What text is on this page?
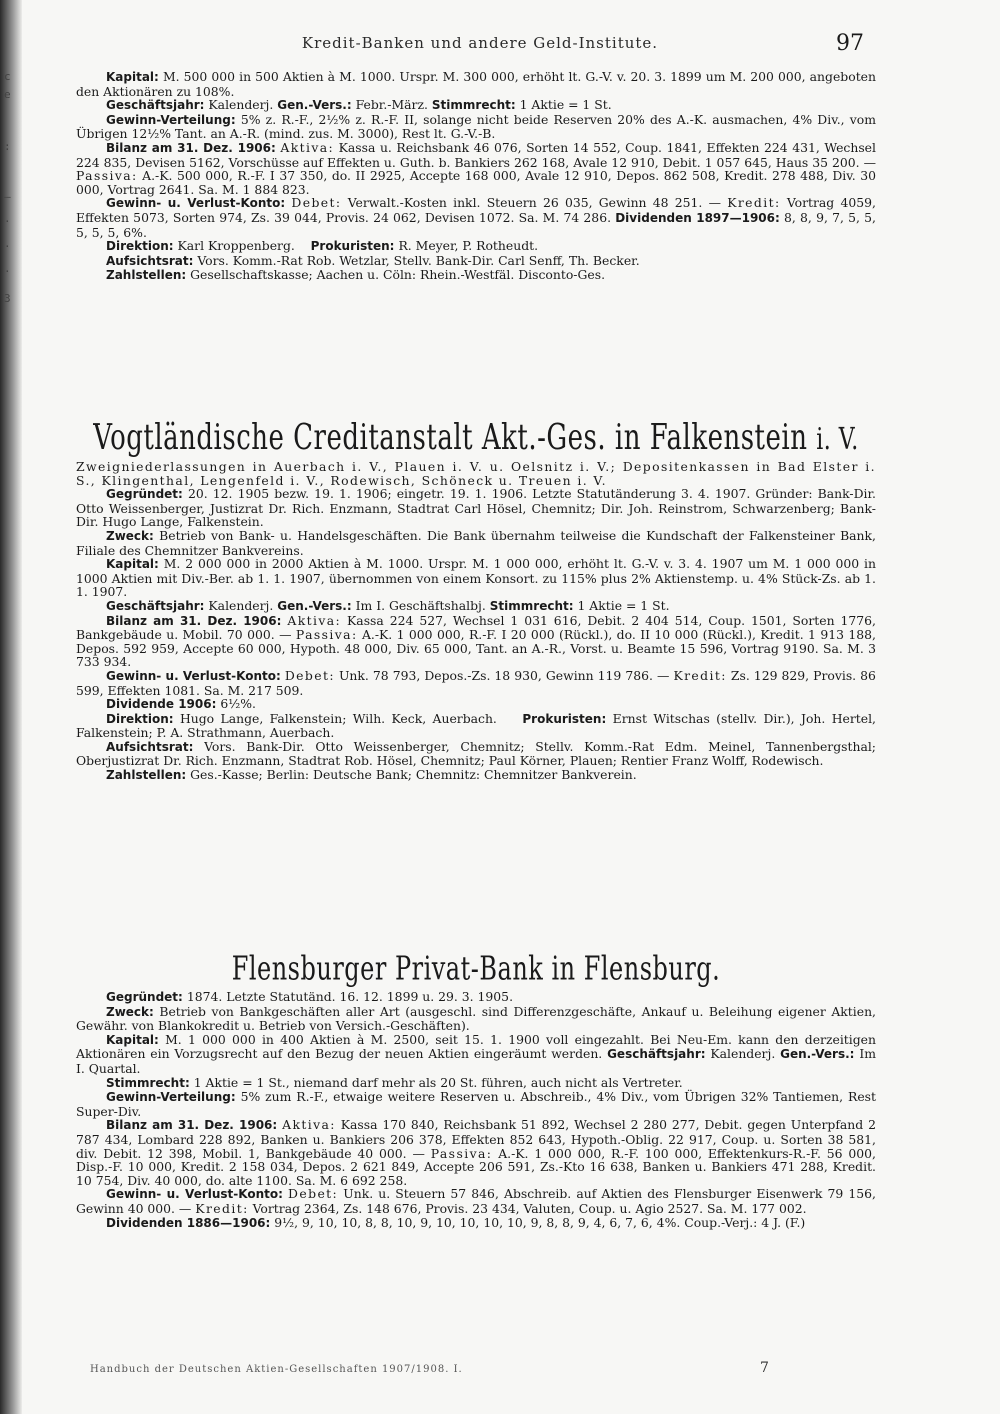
c
e
:
–
·
·
·
3
Kredit-Banken und andere Geld-Institute.	97

Kapital: M. 500 000 in 500 Aktien à M. 1000. Urspr. M. 300 000, erhöht lt. G.-V. v. 20. 3. 1899 um M. 200 000, angeboten den Aktionären zu 108%.

Geschäftsjahr: Kalenderj. Gen.-Vers.: Febr.-März. Stimmrecht: 1 Aktie = 1 St.

Gewinn-Verteilung: 5% z. R.-F., 2½% z. R.-F. II, solange nicht beide Reserven 20% des A.-K. ausmachen, 4% Div., vom Übrigen 12½% Tant. an A.-R. (mind. zus. M. 3000), Rest lt. G.-V.-B.

Bilanz am 31. Dez. 1906: Aktiva: Kassa u. Reichsbank 46 076, Sorten 14 552, Coup. 1841, Effekten 224 431, Wechsel 224 835, Devisen 5162, Vorschüsse auf Effekten u. Guth. b. Bankiers 262 168, Avale 12 910, Debit. 1 057 645, Haus 35 200. — Passiva: A.-K. 500 000, R.-F. I 37 350, do. II 2925, Accepte 168 000, Avale 12 910, Depos. 862 508, Kredit. 278 488, Div. 30 000, Vortrag 2641. Sa. M. 1 884 823.

Gewinn- u. Verlust-Konto: Debet: Verwalt.-Kosten inkl. Steuern 26 035, Gewinn 48 251. — Kredit: Vortrag 4059, Effekten 5073, Sorten 974, Zs. 39 044, Provis. 24 062, Devisen 1072. Sa. M. 74 286. Dividenden 1897—1906: 8, 8, 9, 7, 5, 5, 5, 5, 5, 6%.

Direktion: Karl Kroppenberg. Prokuristen: R. Meyer, P. Rotheudt.

Aufsichtsrat: Vors. Komm.-Rat Rob. Wetzlar, Stellv. Bank-Dir. Carl Senff, Th. Becker.

Zahlstellen: Gesellschaftskasse; Aachen u. Cöln: Rhein.-Westfäl. Disconto-Ges.

Vogtländische Creditanstalt Akt.-Ges. in Falkenstein i. V.

Zweigniederlassungen in Auerbach i. V., Plauen i. V. u. Oelsnitz i. V.; Depositenkassen in Bad Elster i. S., Klingenthal, Lengenfeld i. V., Rodewisch, Schöneck u. Treuen i. V.

Gegründet: 20. 12. 1905 bezw. 19. 1. 1906; eingetr. 19. 1. 1906. Letzte Statutänderung 3. 4. 1907. Gründer: Bank-Dir. Otto Weissenberger, Justizrat Dr. Rich. Enzmann, Stadtrat Carl Hösel, Chemnitz; Dir. Joh. Reinstrom, Schwarzenberg; Bank-Dir. Hugo Lange, Falkenstein.

Zweck: Betrieb von Bank- u. Handelsgeschäften. Die Bank übernahm teilweise die Kundschaft der Falkensteiner Bank, Filiale des Chemnitzer Bankvereins.

Kapital: M. 2 000 000 in 2000 Aktien à M. 1000. Urspr. M. 1 000 000, erhöht lt. G.-V. v. 3. 4. 1907 um M. 1 000 000 in 1000 Aktien mit Div.-Ber. ab 1. 1. 1907, übernommen von einem Konsort. zu 115% plus 2% Aktienstemp. u. 4% Stück-Zs. ab 1. 1. 1907.

Geschäftsjahr: Kalenderj. Gen.-Vers.: Im I. Geschäftshalbj. Stimmrecht: 1 Aktie = 1 St.

Bilanz am 31. Dez. 1906: Aktiva: Kassa 224 527, Wechsel 1 031 616, Debit. 2 404 514, Coup. 1501, Sorten 1776, Bankgebäude u. Mobil. 70 000. — Passiva: A.-K. 1 000 000, R.-F. I 20 000 (Rückl.), do. II 10 000 (Rückl.), Kredit. 1 913 188, Depos. 592 959, Accepte 60 000, Hypoth. 48 000, Div. 65 000, Tant. an A.-R., Vorst. u. Beamte 15 596, Vortrag 9190. Sa. M. 3 733 934.

Gewinn- u. Verlust-Konto: Debet: Unk. 78 793, Depos.-Zs. 18 930, Gewinn 119 786. — Kredit: Zs. 129 829, Provis. 86 599, Effekten 1081. Sa. M. 217 509.

Dividende 1906: 6½%.

Direktion: Hugo Lange, Falkenstein; Wilh. Keck, Auerbach. Prokuristen: Ernst Witschas (stellv. Dir.), Joh. Hertel, Falkenstein; P. A. Strathmann, Auerbach.

Aufsichtsrat: Vors. Bank-Dir. Otto Weissenberger, Chemnitz; Stellv. Komm.-Rat Edm. Meinel, Tannenbergsthal; Oberjustizrat Dr. Rich. Enzmann, Stadtrat Rob. Hösel, Chemnitz; Paul Körner, Plauen; Rentier Franz Wolff, Rodewisch.

Zahlstellen: Ges.-Kasse; Berlin: Deutsche Bank; Chemnitz: Chemnitzer Bankverein.

Flensburger Privat-Bank in Flensburg.

Gegründet: 1874. Letzte Statutänd. 16. 12. 1899 u. 29. 3. 1905.

Zweck: Betrieb von Bankgeschäften aller Art (ausgeschl. sind Differenzgeschäfte, Ankauf u. Beleihung eigener Aktien, Gewähr. von Blankokredit u. Betrieb von Versich.-Geschäften).

Kapital: M. 1 000 000 in 400 Aktien à M. 2500, seit 15. 1. 1900 voll eingezahlt. Bei Neu-Em. kann den derzeitigen Aktionären ein Vorzugsrecht auf den Bezug der neuen Aktien eingeräumt werden. Geschäftsjahr: Kalenderj. Gen.-Vers.: Im I. Quartal.

Stimmrecht: 1 Aktie = 1 St., niemand darf mehr als 20 St. führen, auch nicht als Vertreter.

Gewinn-Verteilung: 5% zum R.-F., etwaige weitere Reserven u. Abschreib., 4% Div., vom Übrigen 32% Tantiemen, Rest Super-Div.

Bilanz am 31. Dez. 1906: Aktiva: Kassa 170 840, Reichsbank 51 892, Wechsel 2 280 277, Debit. gegen Unterpfand 2 787 434, Lombard 228 892, Banken u. Bankiers 206 378, Effekten 852 643, Hypoth.-Oblig. 22 917, Coup. u. Sorten 38 581, div. Debit. 12 398, Mobil. 1, Bankgebäude 40 000. — Passiva: A.-K. 1 000 000, R.-F. 100 000, Effektenkurs-R.-F. 56 000, Disp.-F. 10 000, Kredit. 2 158 034, Depos. 2 621 849, Accepte 206 591, Zs.-Kto 16 638, Banken u. Bankiers 471 288, Kredit. 10 754, Div. 40 000, do. alte 1100. Sa. M. 6 692 258.

Gewinn- u. Verlust-Konto: Debet: Unk. u. Steuern 57 846, Abschreib. auf Aktien des Flensburger Eisenwerk 79 156, Gewinn 40 000. — Kredit: Vortrag 2364, Zs. 148 676, Provis. 23 434, Valuten, Coup. u. Agio 2527. Sa. M. 177 002.

Dividenden 1886—1906: 9½, 9, 10, 10, 8, 8, 10, 9, 10, 10, 10, 10, 9, 8, 8, 9, 4, 6, 7, 6, 4%. Coup.-Verj.: 4 J. (F.)

Handbuch der Deutschen Aktien-Gesellschaften 1907/1908. I.	7
